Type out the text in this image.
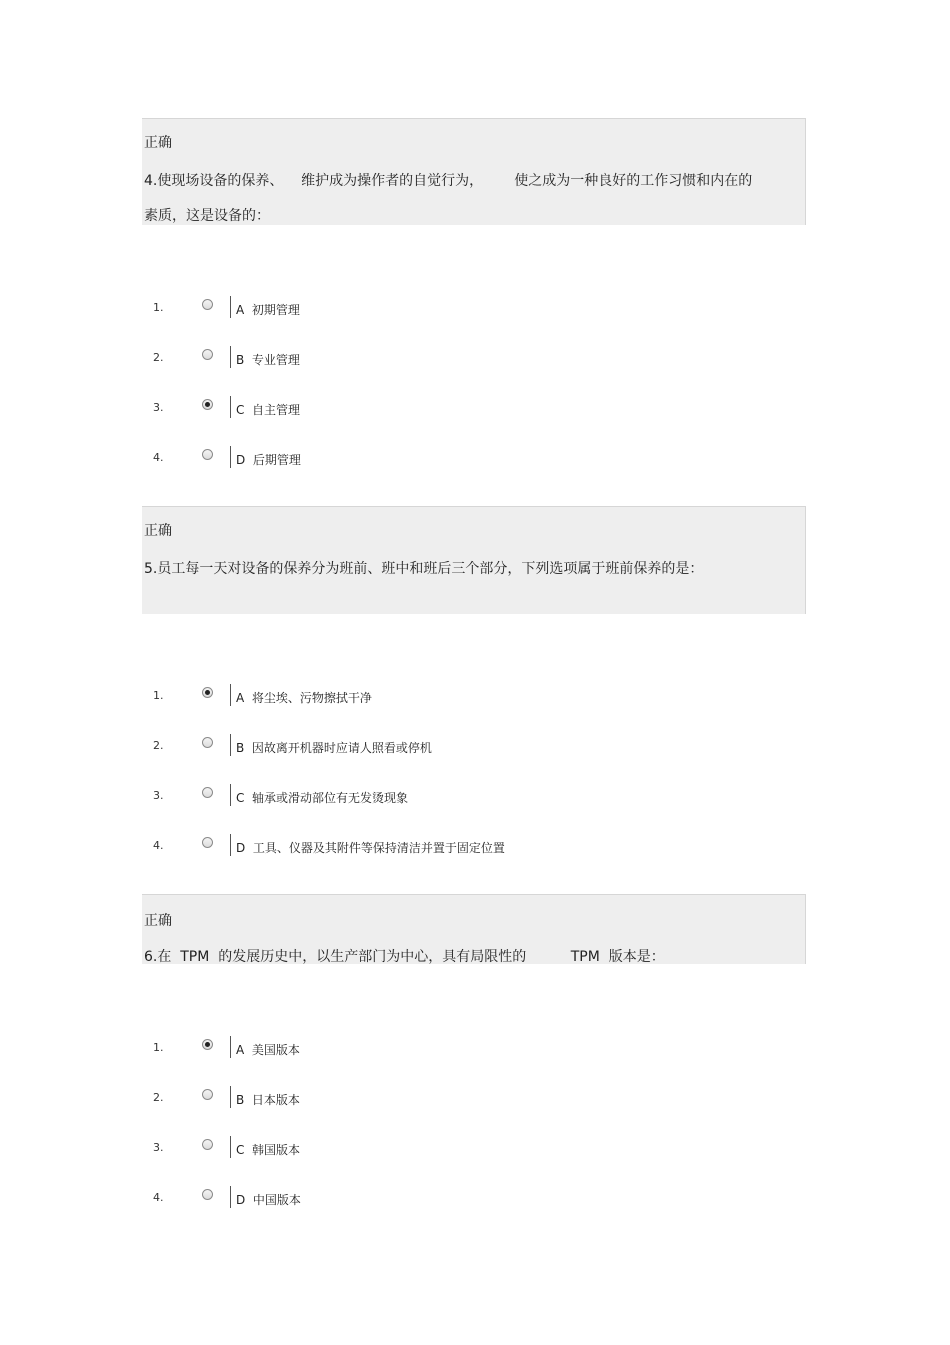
正确
4.使现场设备的保养、    维护成为操作者的自觉行为，       使之成为一种良好的工作习惯和内在的
素质，这是设备的：
1.	A  初期管理
2.	B  专业管理
3.	C  自主管理
4.	D  后期管理
正确
5.员工每一天对设备的保养分为班前、班中和班后三个部分，下列选项属于班前保养的是：
1.	A  将尘埃、污物擦拭干净
2.	B  因故离开机器时应请人照看或停机
3.	C  轴承或滑动部位有无发烫现象
4.	D  工具、仪器及其附件等保持清洁并置于固定位置
正确
6.在  TPM  的发展历史中，以生产部门为中心，具有局限性的          TPM  版本是：
1.	A  美国版本
2.	B  日本版本
3.	C  韩国版本
4.	D  中国版本
